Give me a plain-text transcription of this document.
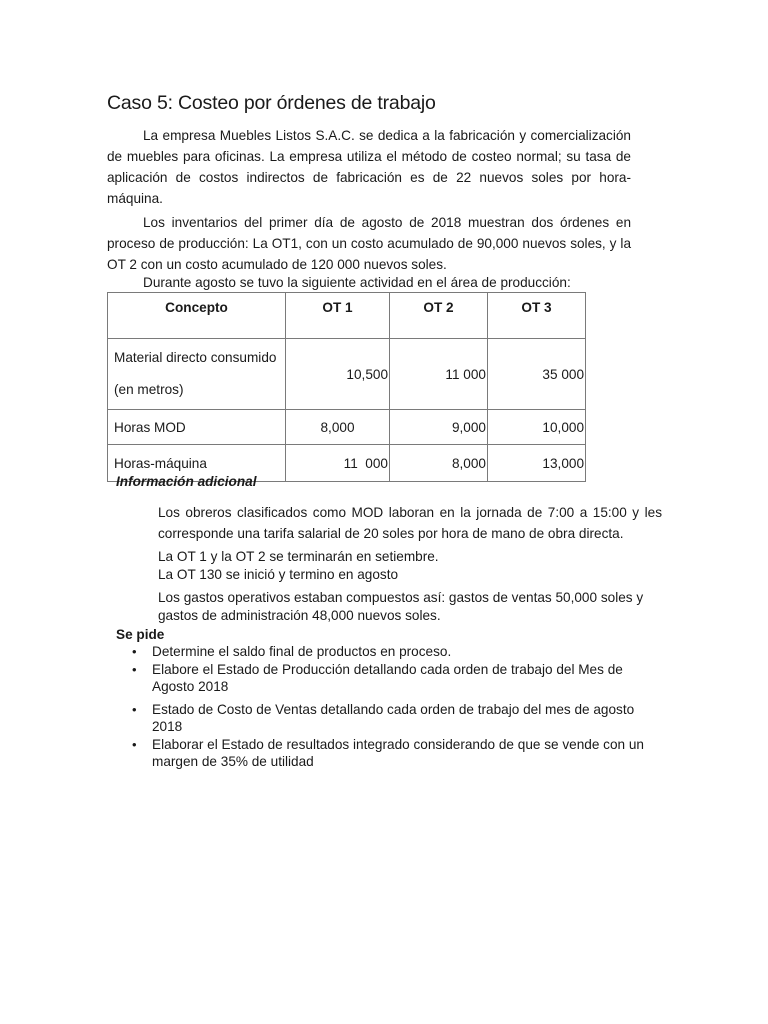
Caso 5: Costeo por órdenes de trabajo

La empresa Muebles Listos S.A.C. se dedica a la fabricación y comercialización de muebles para oficinas. La empresa utiliza el método de costeo normal; su tasa de aplicación de costos indirectos de fabricación es de 22 nuevos soles por hora-máquina.

Los inventarios del primer día de agosto de 2018 muestran dos órdenes en proceso de producción: La OT1, con un costo acumulado de 90,000 nuevos soles, y la OT 2 con un costo acumulado de 120 000 nuevos soles.

Durante agosto se tuvo la siguiente actividad en el área de producción:

Concepto	OT 1	OT 2	OT 3

Material directo consumido
(en metros)	10,500	11 000	35 000
Horas MOD	8,000	9,000	10,000
Horas-máquina	11  000	8,000	13,000

Información adicional

Los obreros clasificados como MOD laboran en la jornada de 7:00 a 15:00 y les corresponde una tarifa salarial de 20 soles por hora de mano de obra directa.

La OT 1 y la OT 2 se terminarán en setiembre.
La OT 130 se inició y termino en agosto

Los gastos operativos estaban compuestos así: gastos de ventas 50,000 soles y gastos de administración 48,000 nuevos soles.

Se pide

• Determine el saldo final de productos en proceso.
• Elabore el Estado de Producción detallando cada orden de trabajo del Mes de Agosto 2018
• Estado de Costo de Ventas detallando cada orden de trabajo del mes de agosto 2018
• Elaborar el Estado de resultados integrado considerando de que se vende con un margen de 35% de utilidad
